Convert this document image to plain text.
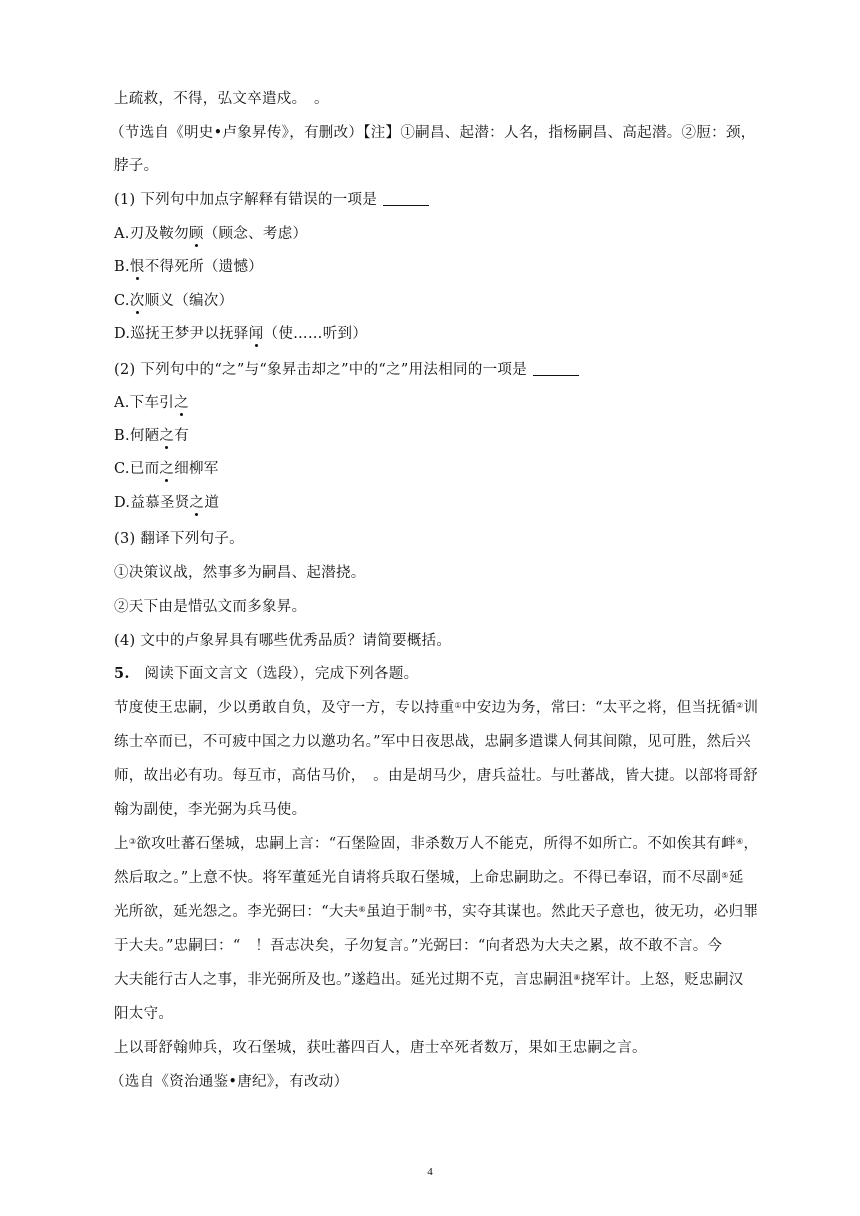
上疏救，不得，弘文卒遣戍。　。
（节选自《明史•卢象昇传》，有删改）【注】①嗣昌、起潜：人名，指杨嗣昌、高起潜。②脰：颈，
脖子。
(1) 下列句中加点字解释有错误的一项是
A.刃及鞍勿顾（顾念、考虑）
B.恨不得死所（遗憾）
C.次顺义（编次）
D.巡抚王梦尹以抚驿闻（使……听到）
(2) 下列句中的“之”与“象昇击却之”中的“之”用法相同的一项是
A.下车引之
B.何陋之有
C.已而之细柳军
D.益慕圣贤之道
(3) 翻译下列句子。
①决策议战，然事多为嗣昌、起潜挠。
②天下由是惜弘文而多象昇。
(4) 文中的卢象昇具有哪些优秀品质？请简要概括。
5. 阅读下面文言文（选段），完成下列各题。
节度使王忠嗣，少以勇敢自负，及守一方，专以持重①中安边为务，常曰：“太平之将，但当抚循②训
练士卒而已，不可疲中国之力以邀功名。”军中日夜思战，忠嗣多遣谍人伺其间隙，见可胜，然后兴
师，故出必有功。每互市，高估马价，　。由是胡马少，唐兵益壮。与吐蕃战，皆大捷。以部将哥舒
翰为副使，李光弼为兵马使。
上③欲攻吐蕃石堡城，忠嗣上言：“石堡险固，非杀数万人不能克，所得不如所亡。不如俟其有衅④，
然后取之。”上意不快。将军董延光自请将兵取石堡城，上命忠嗣助之。不得已奉诏，而不尽副⑤延
光所欲，延光怨之。李光弼曰：“大夫⑥虽迫于制⑦书，实夺其谋也。然此天子意也，彼无功，必归罪
于大夫。”忠嗣曰：“　！吾志决矣，子勿复言。”光弼曰：“向者恐为大夫之累，故不敢不言。今
大夫能行古人之事，非光弼所及也。”遂趋出。延光过期不克，言忠嗣沮⑧挠军计。上怒，贬忠嗣汉
阳太守。
上以哥舒翰帅兵，攻石堡城，获吐蕃四百人，唐士卒死者数万，果如王忠嗣之言。
（选自《资治通鉴•唐纪》，有改动）
4
